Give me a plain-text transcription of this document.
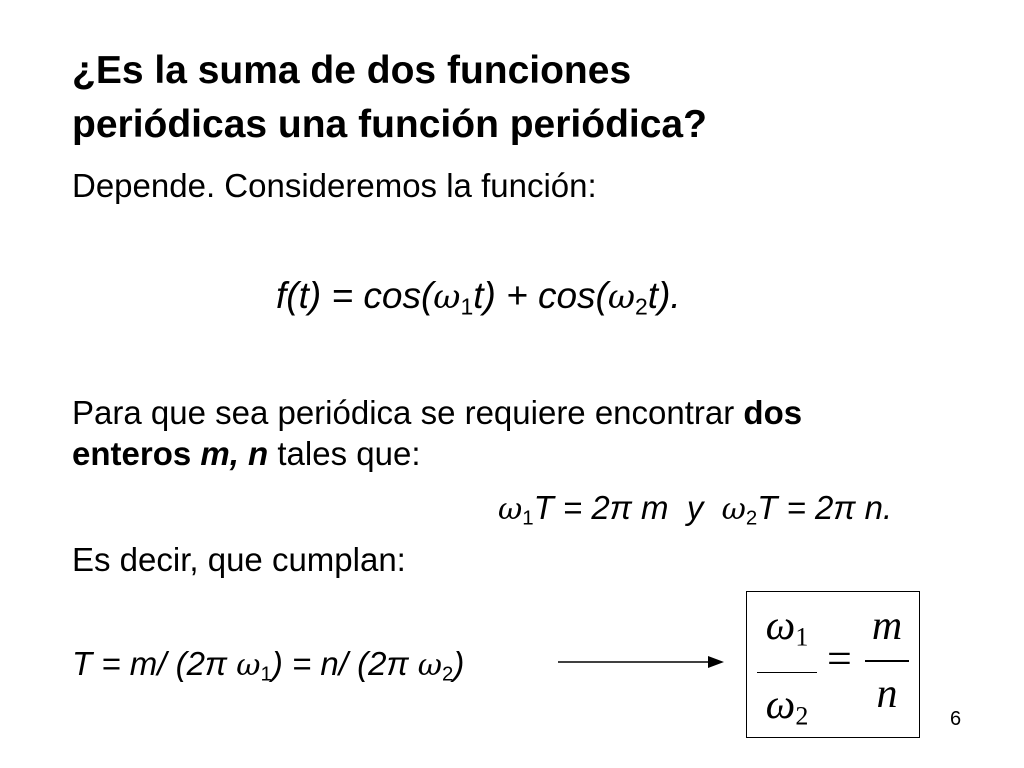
¿Es la suma de dos funciones
periódicas una función periódica?
Depende. Consideremos la función:
$f(t) = \cos(\omega_1t) + \cos(\omega_2t)$.
Para que sea periódica se requiere encontrar dos
enteros m, n tales que:
$\omega_1T = 2\pi$ m  y  $\omega_2T = 2\pi$ n.
Es decir, que cumplan:
T = m/ (2π $\omega_1) = n/$ (2π $\omega_2$)
ω1
ω2
=
m
n
6
